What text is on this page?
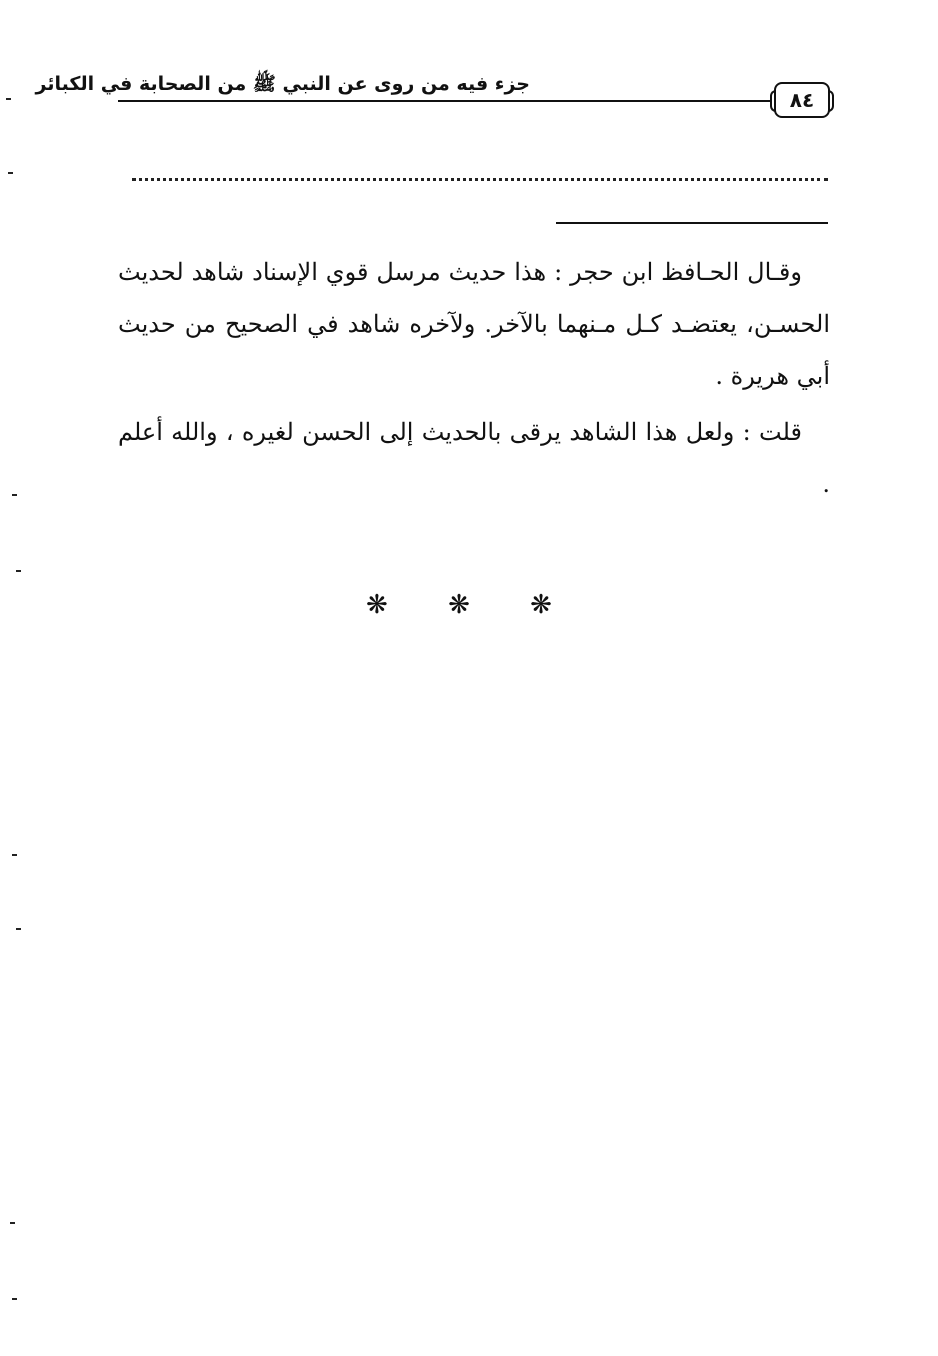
جزء فيه من روى عن النبي ﷺ من الصحابة في الكبائر
٨٤

وقـال الحـافظ ابن حجر : هذا حديث مرسل قوي الإسناد شاهد لحديث الحسـن، يعتضـد كـل مـنهما بالآخر. ولآخره شاهد في الصحيح من حديث أبي هريرة .

قلت : ولعل هذا الشاهد يرقى بالحديث إلى الحسن لغيره ، والله أعلم .

❋ ❋ ❋
